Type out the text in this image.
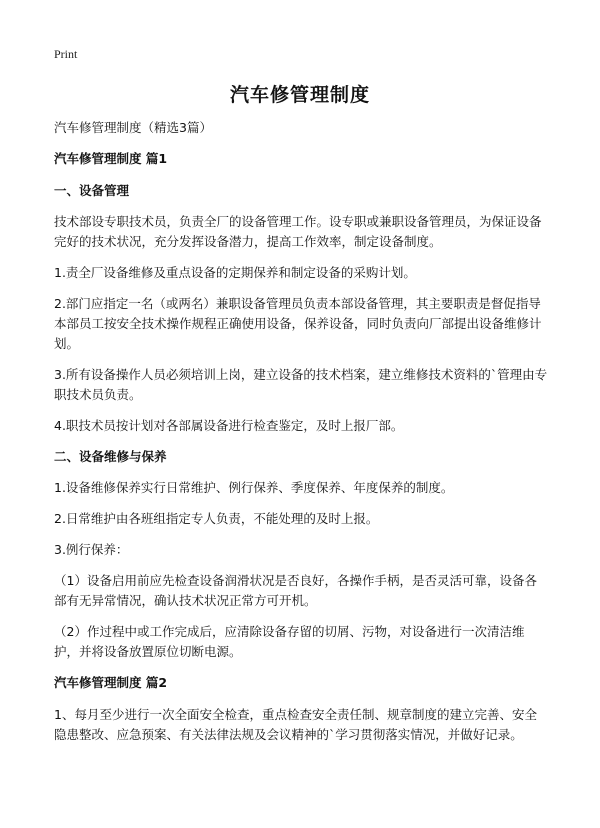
Print
汽车修管理制度

汽车修管理制度（精选3篇）

汽车修管理制度 篇1

一、设备管理

技术部设专职技术员，负责全厂的设备管理工作。设专职或兼职设备管理员，为保证设备完好的技术状况，充分发挥设备潜力，提高工作效率，制定设备制度。

1.责全厂设备维修及重点设备的定期保养和制定设备的采购计划。

2.部门应指定一名（或两名）兼职设备管理员负责本部设备管理，其主要职责是督促指导本部员工按安全技术操作规程正确使用设备，保养设备，同时负责向厂部提出设备维修计划。

3.所有设备操作人员必须培训上岗，建立设备的技术档案，建立维修技术资料的`管理由专职技术员负责。

4.职技术员按计划对各部属设备进行检查鉴定，及时上报厂部。

二、设备维修与保养

1.设备维修保养实行日常维护、例行保养、季度保养、年度保养的制度。

2.日常维护由各班组指定专人负责，不能处理的及时上报。

3.例行保养：

（1）设备启用前应先检查设备润滑状况是否良好，各操作手柄，是否灵活可靠，设备各部有无异常情况，确认技术状况正常方可开机。

（2）作过程中或工作完成后，应清除设备存留的切屑、污物，对设备进行一次清洁维护，并将设备放置原位切断电源。

汽车修管理制度 篇2

1、每月至少进行一次全面安全检查，重点检查安全责任制、规章制度的建立完善、安全隐患整改、应急预案、有关法律法规及会议精神的`学习贯彻落实情况，并做好记录。
